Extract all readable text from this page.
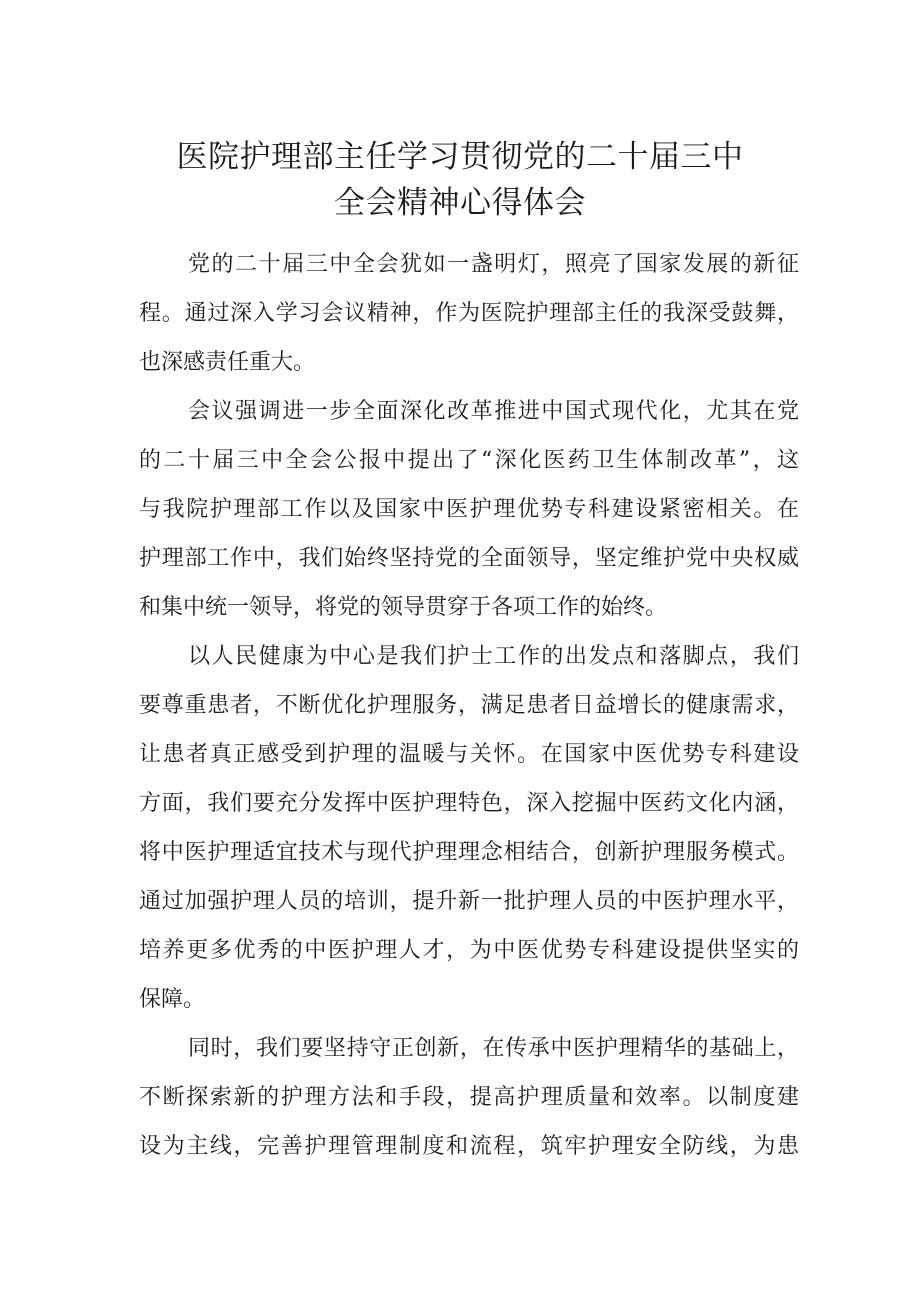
医院护理部主任学习贯彻党的二十届三中
全会精神心得体会
党的二十届三中全会犹如一盏明灯，照亮了国家发展的新征
程。通过深入学习会议精神，作为医院护理部主任的我深受鼓舞，
也深感责任重大。
会议强调进一步全面深化改革推进中国式现代化，尤其在党
的二十届三中全会公报中提出了“深化医药卫生体制改革”，这
与我院护理部工作以及国家中医护理优势专科建设紧密相关。在
护理部工作中，我们始终坚持党的全面领导，坚定维护党中央权威
和集中统一领导，将党的领导贯穿于各项工作的始终。
以人民健康为中心是我们护士工作的出发点和落脚点，我们
要尊重患者，不断优化护理服务，满足患者日益增长的健康需求，
让患者真正感受到护理的温暖与关怀。在国家中医优势专科建设
方面，我们要充分发挥中医护理特色，深入挖掘中医药文化内涵，
将中医护理适宜技术与现代护理理念相结合，创新护理服务模式。
通过加强护理人员的培训，提升新一批护理人员的中医护理水平，
培养更多优秀的中医护理人才，为中医优势专科建设提供坚实的
保障。
同时，我们要坚持守正创新，在传承中医护理精华的基础上，
不断探索新的护理方法和手段，提高护理质量和效率。以制度建
设为主线，完善护理管理制度和流程，筑牢护理安全防线，为患
